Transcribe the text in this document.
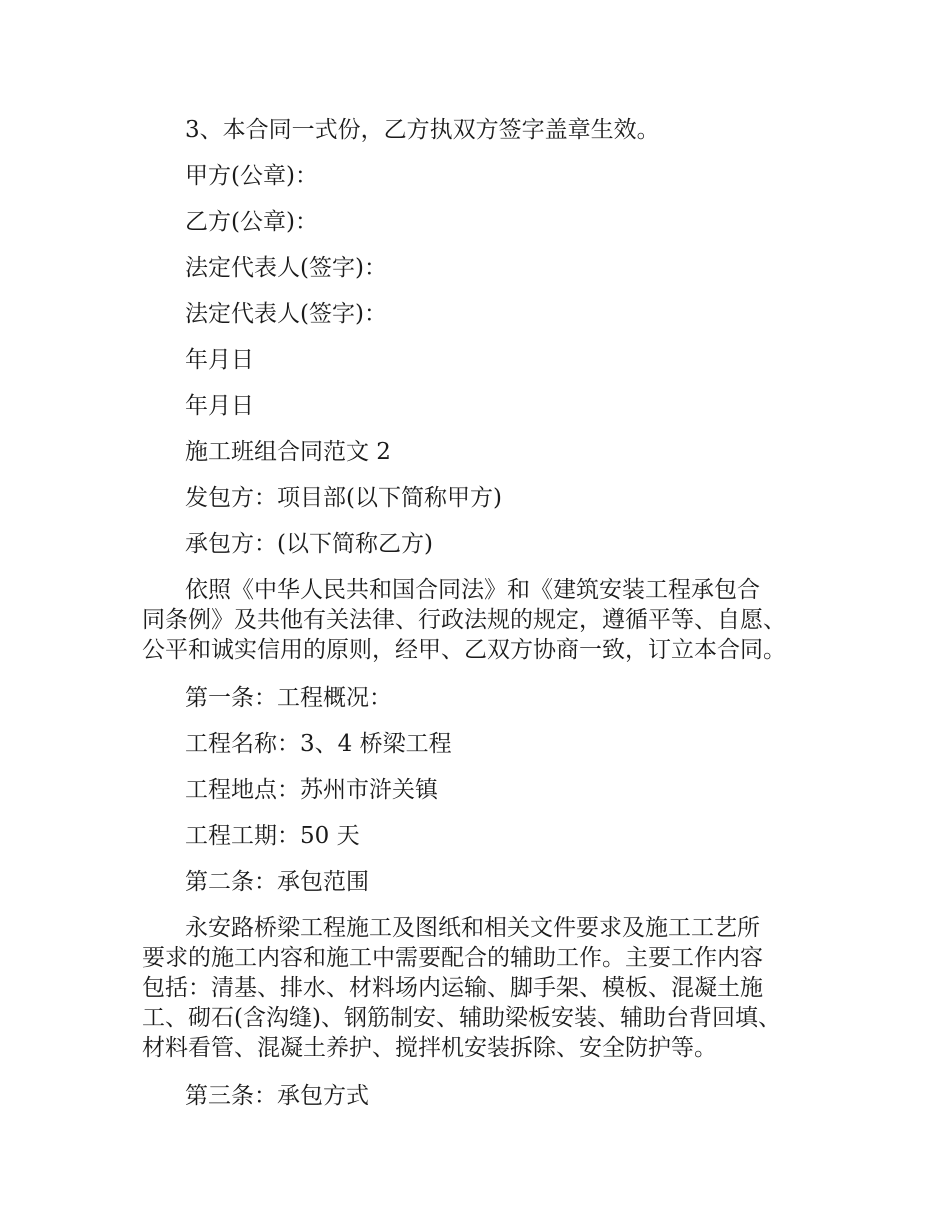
3、本合同一式份，乙方执双方签字盖章生效。

甲方(公章)：

乙方(公章)：

法定代表人(签字)：

法定代表人(签字)：

年月日

年月日

施工班组合同范文 2

发包方：项目部(以下简称甲方)

承包方：(以下简称乙方)

依照《中华人民共和国合同法》和《建筑安装工程承包合
同条例》及共他有关法律、行政法规的规定，遵循平等、自愿、
公平和诚实信用的原则，经甲、乙双方协商一致，订立本合同。

第一条：工程概况：

工程名称：3、4 桥梁工程

工程地点：苏州市浒关镇

工程工期：50 天

第二条：承包范围

永安路桥梁工程施工及图纸和相关文件要求及施工工艺所
要求的施工内容和施工中需要配合的辅助工作。主要工作内容
包括：清基、排水、材料场内运输、脚手架、模板、混凝土施
工、砌石(含沟缝)、钢筋制安、辅助梁板安装、辅助台背回填、
材料看管、混凝土养护、搅拌机安装拆除、安全防护等。

第三条：承包方式
